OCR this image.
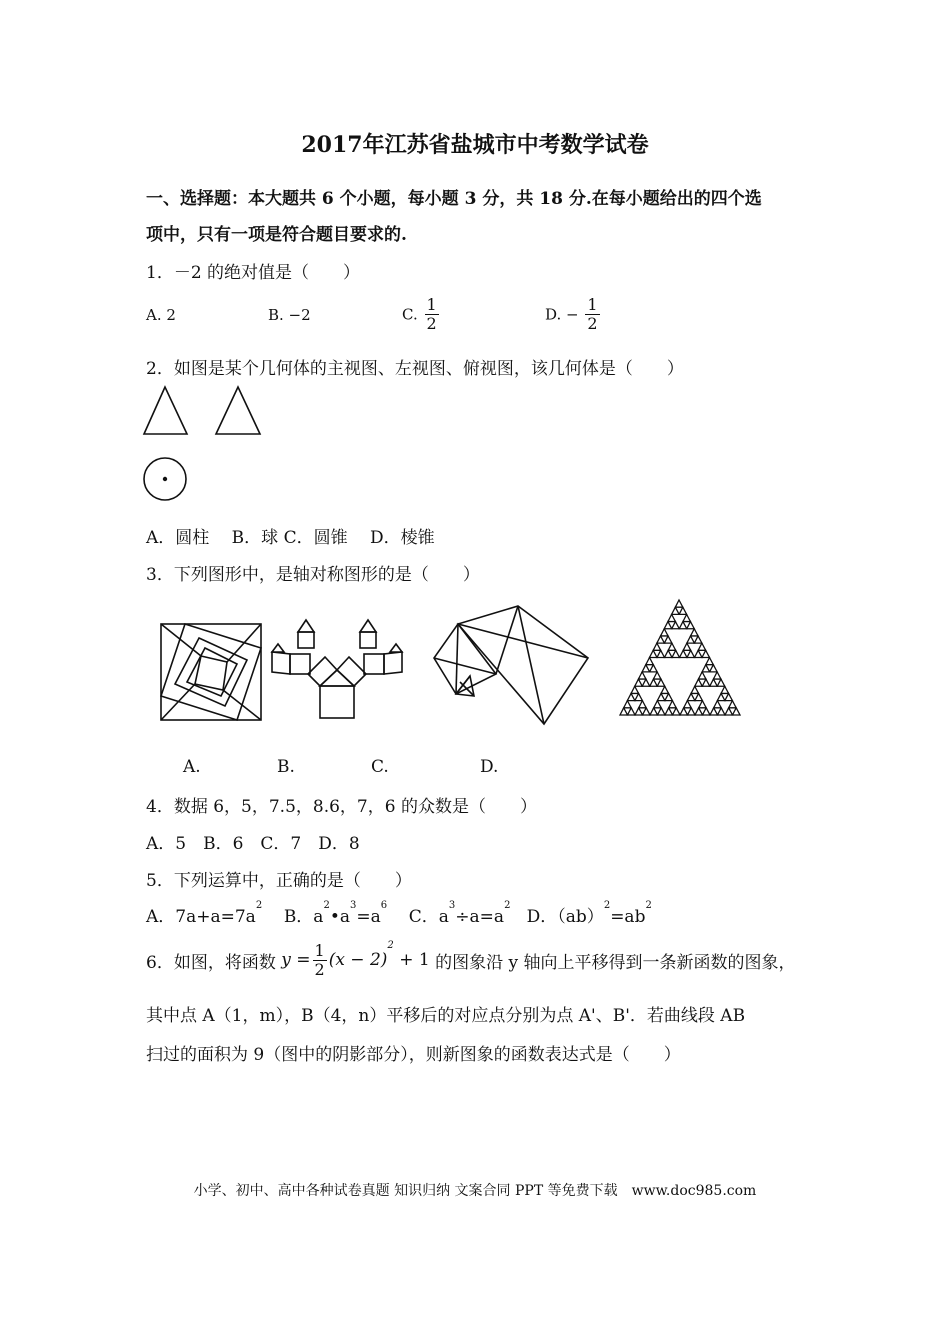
2017年江苏省盐城市中考数学试卷
一、选择题：本大题共 6 个小题，每小题 3 分，共 18 分.在每小题给出的四个选
项中，只有一项是符合题目要求的.
1．－2 的绝对值是（　　）
A. 2	B. −2	C. $\frac{1}{2}$	D. − $\frac{1}{2}$
2．如图是某个几何体的主视图、左视图、俯视图，该几何体是（　　）
A．圆柱　 B．球 C．圆锥　 D．棱锥
3．下列图形中，是轴对称图形的是（　　）
A.	B.	C.	D.
4．数据 6，5，7.5，8.6，7，6 的众数是（　　）
A．5　B．6　C．7　D．8
5．下列运算中，正确的是（　　）
A．$7a+a=7a^2$    B．$a^2•a^3=a^6$    C．$a^3\div a=a^2$   D．$(ab)^2=ab^2$
6．如图，将函数 $y = \frac{1}{2} (x - 2)^2 + 1$ 的图象沿 y 轴向上平移得到一条新函数的图象，
其中点 A（1，m），B（4，n）平移后的对应点分别为点 A'、B'．若曲线段 AB
扫过的面积为 9（图中的阴影部分），则新图象的函数表达式是（　　）
小学、初中、高中各种试卷真题 知识归纳 文案合同 PPT 等免费下载　www.doc985.com
